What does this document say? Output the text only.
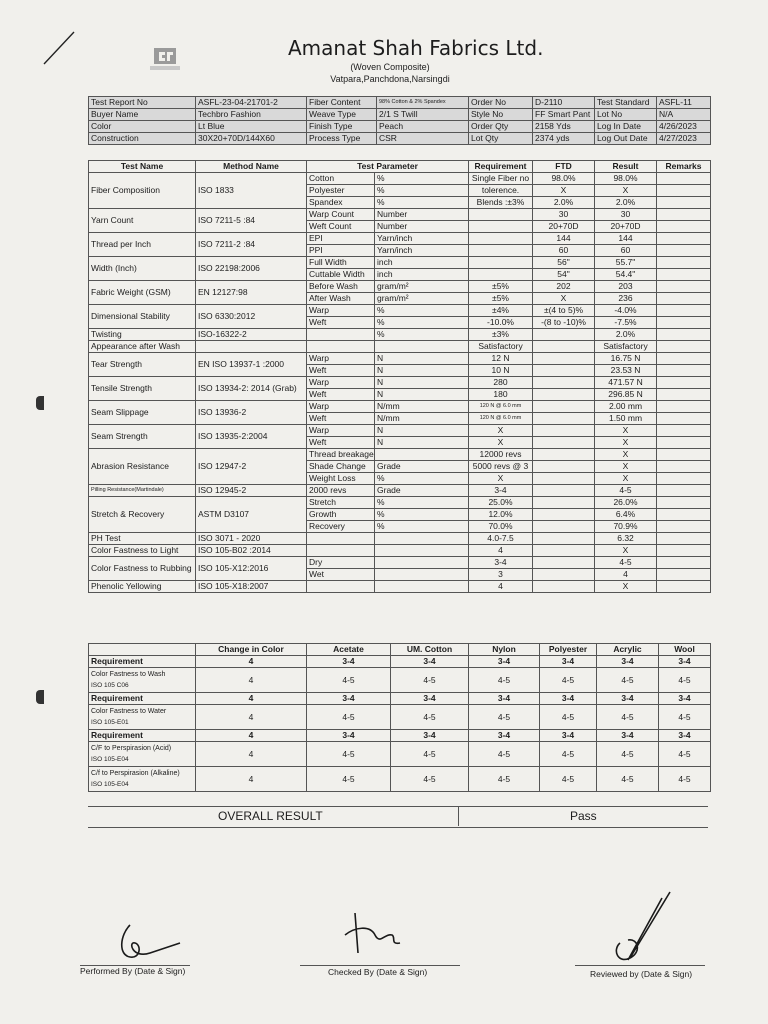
Amanat Shah Fabrics Ltd.
(Woven Composite)
Vatpara,Panchdona,Narsingdi
Test Report No	ASFL-23-04-21701-2	Fiber Content	98% Cotton & 2% Spandex	Order No	D-2110	Test Standard	ASFL-11
Buyer Name	Techbro Fashion	Weave Type	2/1 S Twill	Style No	FF Smart Pant	Lot No	N/A
Color	Lt Blue	Finish Type	Peach	Order Qty	2158 Yds	Log In Date	4/26/2023
Construction	30X20+70D/144X60	Process Type	CSR	Lot Qty	2374 yds	Log Out Date	4/27/2023
Test Name	Method Name	Test Parameter		Requirement	FTD	Result	Remarks
Fiber Composition	ISO 1833	Cotton	%	Single Fiber no	98.0%	98.0%	
		Polyester	%	tolerence.	X	X	
		Spandex	%	Blends :±3%	2.0%	2.0%	
Yarn Count	ISO 7211-5 :84	Warp Count	Number		30	30	
		Weft Count	Number		20+70D	20+70D	
Thread per Inch	ISO 7211-2 :84	EPI	Yarn/inch		144	144	
		PPI	Yarn/inch		60	60	
Width (Inch)	ISO 22198:2006	Full Width	inch		56"	55.7"	
		Cuttable Width	inch		54"	54.4"	
Fabric Weight (GSM)	EN 12127:98	Before Wash	gram/m²	±5%	202	203	
		After Wash	gram/m²	±5%	X	236	
Dimensional Stability	ISO 6330:2012	Warp	%	±4%	±(4 to 5)%	-4.0%	
		Weft	%	-10.0%	-(8 to -10)%	-7.5%	
Twisting	ISO-16322-2		%	±3%		2.0%	
Appearance after Wash				Satisfactory		Satisfactory	
Tear Strength	EN ISO 13937-1 :2000	Warp	N	12 N		16.75 N	
		Weft	N	10 N		23.53 N	
Tensile Strength	ISO 13934-2: 2014 (Grab)	Warp	N	280		471.57 N	
		Weft	N	180		296.85 N	
Seam Slippage	ISO 13936-2	Warp	N/mm	120 N @ 6.0 mm		2.00 mm	
		Weft	N/mm	120 N @ 6.0 mm		1.50 mm	
Seam Strength	ISO 13935-2:2004	Warp	N	X		X	
		Weft	N	X		X	
Abrasion Resistance	ISO 12947-2	Thread breakage		12000 revs		X	
		Shade Change	Grade	5000 revs @ 3		X	
		Weight Loss	%	X		X	
Pilling Resistance(Martindale)	ISO 12945-2	2000 revs	Grade	3-4		4-5	
Stretch & Recovery	ASTM D3107	Stretch	%	25.0%		26.0%	
		Growth	%	12.0%		6.4%	
		Recovery	%	70.0%		70.9%	
PH Test	ISO 3071 - 2020			4.0-7.5		6.32	
Color Fastness to Light	ISO 105-B02 :2014			4		X	
Color Fastness to Rubbing	ISO 105-X12:2016	Dry		3-4		4-5	
		Wet		3		4	
Phenolic Yellowing	ISO 105-X18:2007			4		X	
	Change in Color	Acetate	UM. Cotton	Nylon	Polyester	Acrylic	Wool
Requirement	4	3-4	3-4	3-4	3-4	3-4	3-4

Color Fastness to Wash
ISO 105 C06	4	4-5	4-5	4-5	4-5	4-5	4-5
Requirement	4	3-4	3-4	3-4	3-4	3-4	3-4

Color Fastness to Water
ISO 105-E01	4	4-5	4-5	4-5	4-5	4-5	4-5
Requirement	4	3-4	3-4	3-4	3-4	3-4	3-4

C/F to Perspirasion (Acid)
ISO 105-E04	4	4-5	4-5	4-5	4-5	4-5	4-5

C/f to Perspirasion (Alkaline)
ISO 105-E04	4	4-5	4-5	4-5	4-5	4-5	4-5
OVERALL RESULT	Pass
Performed By (Date & Sign)	Checked By (Date & Sign)	Reviewed by (Date & Sign)
